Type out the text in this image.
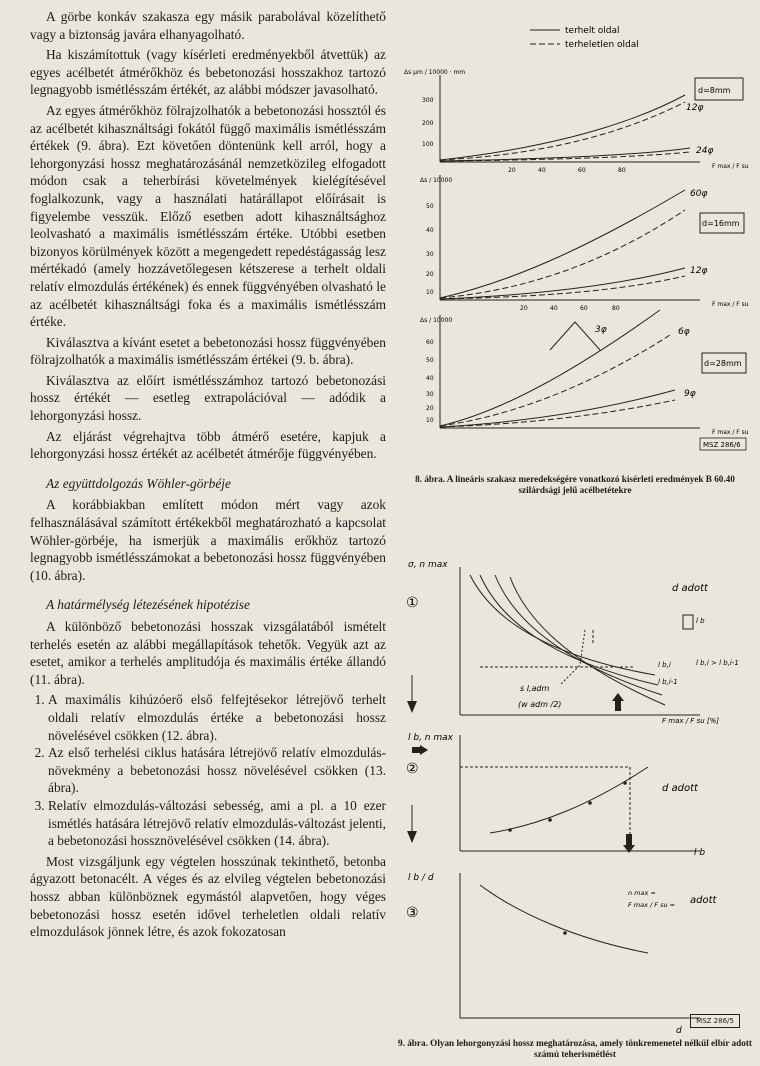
A görbe konkáv szakasza egy másik parabolával közelíthető vagy a biztonság javára elhanyagolható.

Ha kiszámítottuk (vagy kísérleti eredményekből átvettük) az egyes acélbetét átmérőkhöz és bebetonozási hosszakhoz tartozó legnagyobb ismétlésszám értékét, az alábbi módszer javasolható.

Az egyes átmérőkhöz fölrajzolhatók a bebetonozási hossztól és az acélbetét kihasználtsági fokától függő maximális ismétlésszám értékek (9. ábra). Ezt követően döntenünk kell arról, hogy a lehorgonyzási hossz meghatározásánál nemzetközileg elfogadott módon csak a teherbírási követelmények kielégítésével foglalkozunk, vagy a használati határállapot előírásait is figyelembe vesszük. Előző esetben adott kihasználtsághoz leolvasható a maximális ismétlésszám értéke. Utóbbi esetben bizonyos körülmények között a megengedett repedéstágasság lesz mértékadó (amely hozzávetőlegesen kétszerese a terhelt oldali relatív elmozdulás értékének) és ennek függvényében olvasható le az acélbetét kihasználtsági foka és a maximális ismétlésszám értéke.

Kiválasztva a kívánt esetet a bebetonozási hossz függvényében fölrajzolhatók a maximális ismétlésszám értékei (9. b. ábra).

Kiválasztva az előírt ismétlésszámhoz tartozó bebetonozási hossz értékét — esetleg extrapolációval — adódik a lehorgonyzási hossz.

Az eljárást végrehajtva több átmérő esetére, kapjuk a lehorgonyzási hossz értékét az acélbetét átmérője függvényében.

Az együttdolgozás Wöhler-görbéje

A korábbiakban említett módon mért vagy azok felhasználásával számított értékekből meghatározható a kapcsolat Wöhler-görbéje, ha ismerjük a maximális erőkhöz tartozó legnagyobb ismétlésszámokat a bebetonozási hossz függvényében (10. ábra).

A határmélység létezésének hipotézise

A különböző bebetonozási hosszak vizsgálatából ismételt terhelés esetén az alábbi megállapítások tehetők. Vegyük azt az esetet, amikor a terhelés amplitudója és maximális értéke állandó (11. ábra).

1. A maximális kihúzóerő első felfejtésekor létrejövő terhelt oldali relatív elmozdulás értéke a bebetonozási hossz növelésével csökken (12. ábra).
2. Az első terhelési ciklus hatására létrejövő relatív elmozdulás-növekmény a bebetonozási hossz növelésével csökken (13. ábra).
3. Relatív elmozdulás-változási sebesség, ami a pl. a 10 ezer ismétlés hatására létrejövő relatív elmozdulás-változást jelenti, a bebetonozási hossznövelésével csökken (14. ábra).

Most vizsgáljunk egy végtelen hosszúnak tekinthető, betonba ágyazott betonacélt. A véges és az elvileg végtelen bebetonozási hossz abban különböznek egymástól alapvetően, hogy véges bebetonozási hossz esetén idővel terheletlen oldali relatív elmozdulások jönnek létre, és azok fokozatosan

terhelt oldal
terheletlen oldal
Δs μm / 10000 · mm
300
200
100
d=8mm
12φ
24φ
F max / F su
20	40	60	80
Δs / 10000
50
40
30
20
10
d=16mm
60φ
12φ
F max / F su
20	40	60	80
Δs / 10000
60
50
40
30
20
10
3φ	6φ
9φ
d=28mm
F max / F su
MSZ 286/6
8. ábra. A lineáris szakasz meredekségére vonatkozó kísérleti eredmények B 60.40 szilárdsági jelű acélbetétekre
σ, n max
①
d adott
l b
l b,i > l b,i-1
l b,i
l b,i-1
s l,adm
(w adm /2)
F max / F su [%]
l b, n max
②
d adott
l b
l b / d
③
n max =
F max / F su = adott
d
MSZ 286/5
9. ábra. Olyan lehorgonyzási hossz meghatározása, amely tönkremenetel nélkül elbír adott számú teherismétlést
